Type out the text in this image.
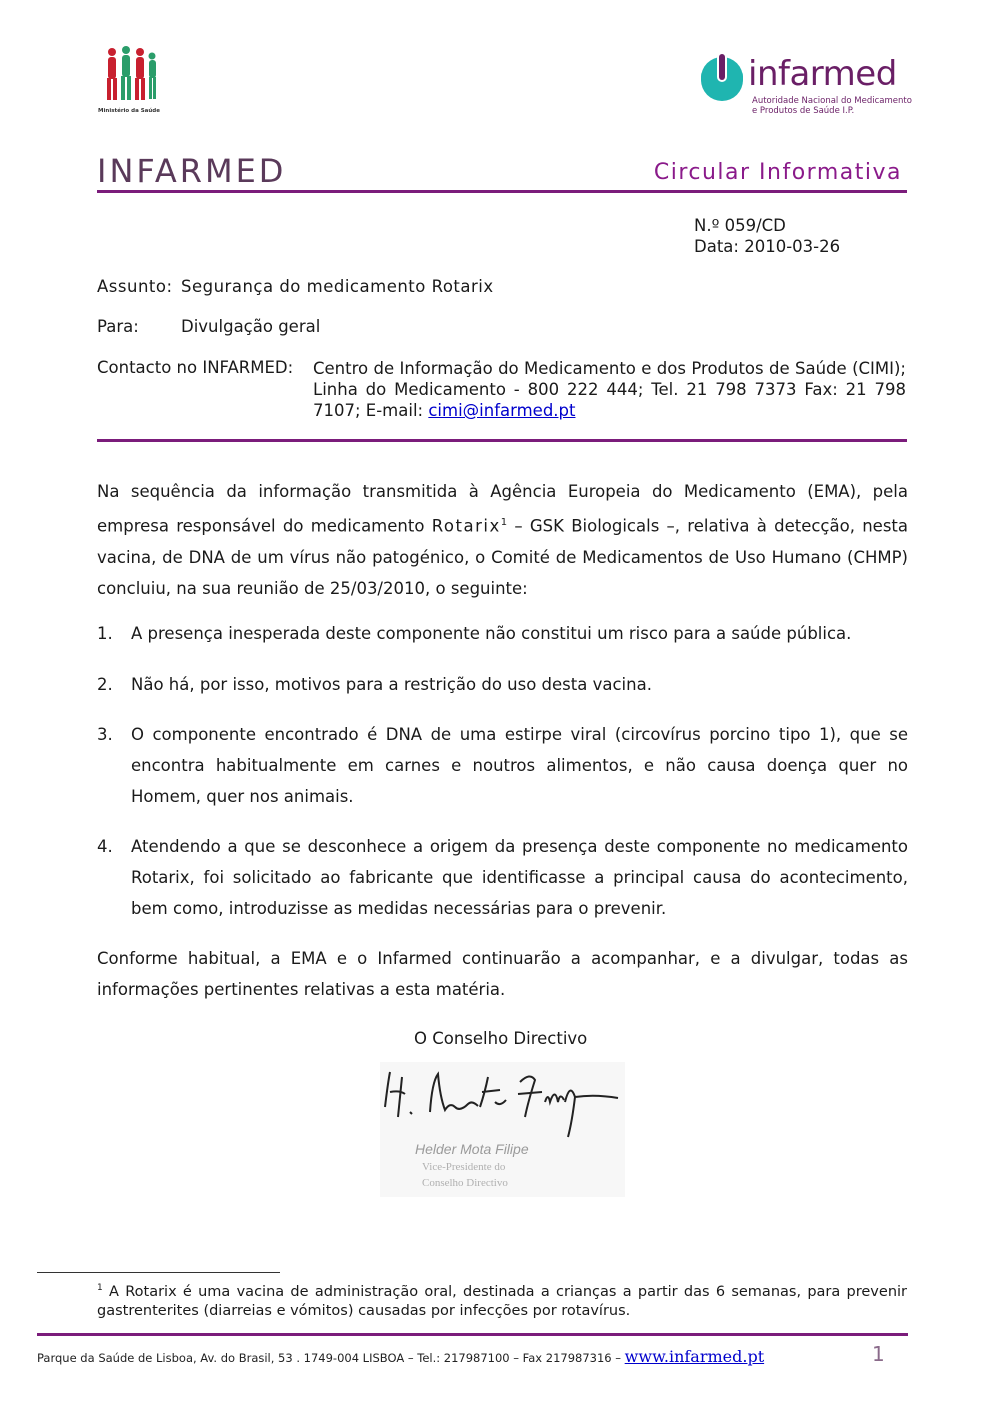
Ministério da Saúde
infarmed
Autoridade Nacional do Medicamento
e Produtos de Saúde I.P.
INFARMED	Circular Informativa
N.º 059/CD
Data: 2010-03-26
Assunto: Segurança do medicamento Rotarix
Para:	Divulgação geral
Contacto no INFARMED: Centro de Informação do Medicamento e dos Produtos de Saúde (CIMI); Linha do Medicamento - 800 222 444; Tel. 21 798 7373 Fax: 21 798 7107; E-mail: cimi@infarmed.pt
Na sequência da informação transmitida à Agência Europeia do Medicamento (EMA), pela empresa responsável do medicamento Rotarix$^1$ – GSK Biologicals –, relativa à detecção, nesta vacina, de DNA de um vírus não patogénico, o Comité de Medicamentos de Uso Humano (CHMP) concluiu, na sua reunião de 25/03/2010, o seguinte:
1. A presença inesperada deste componente não constitui um risco para a saúde pública.
2. Não há, por isso, motivos para a restrição do uso desta vacina.
3. O componente encontrado é DNA de uma estirpe viral (circovírus porcino tipo 1), que se encontra habitualmente em carnes e noutros alimentos, e não causa doença quer no Homem, quer nos animais.
4. Atendendo a que se desconhece a origem da presença deste componente no medicamento Rotarix, foi solicitado ao fabricante que identificasse a principal causa do acontecimento, bem como, introduzisse as medidas necessárias para o prevenir.
Conforme habitual, a EMA e o Infarmed continuarão a acompanhar, e a divulgar, todas as informações pertinentes relativas a esta matéria.
O Conselho Directivo
Helder Mota Filipe
Vice-Presidente do
Conselho Directivo
$^1$ A Rotarix é uma vacina de administração oral, destinada a crianças a partir das 6 semanas, para prevenir gastrenterites (diarreias e vómitos) causadas por infecções por rotavírus.
Parque da Saúde de Lisboa, Av. do Brasil, 53 . 1749-004 LISBOA – Tel.: 217987100 – Fax 217987316 – www.infarmed.pt	1
